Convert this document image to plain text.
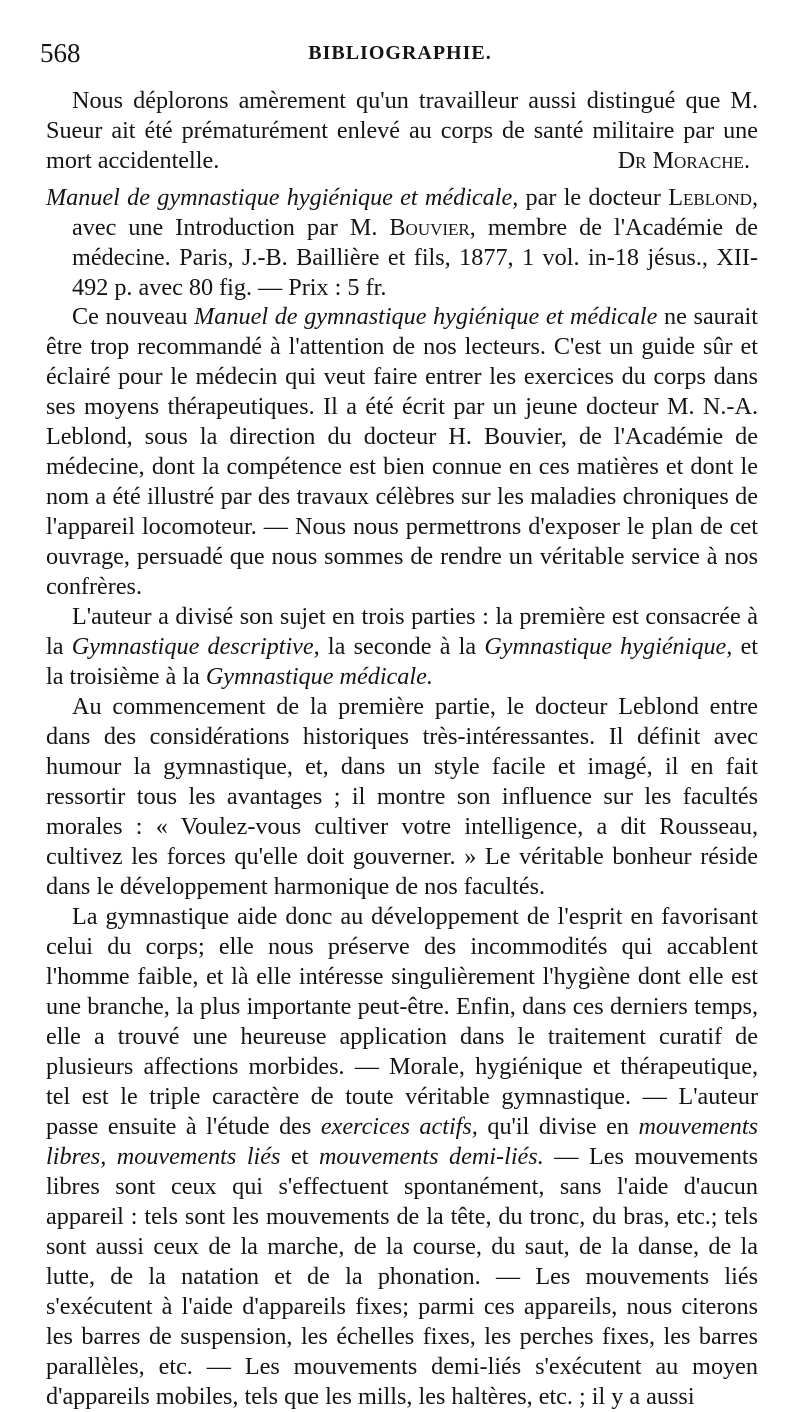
568	BIBLIOGRAPHIE.

Nous déplorons amèrement qu'un travailleur aussi distingué que M. Sueur ait été prématurément enlevé au corps de santé militaire par une mort accidentelle.	Dr Morache.

Manuel de gymnastique hygiénique et médicale, par le docteur Leblond, avec une Introduction par M. Bouvier, membre de l'Académie de médecine. Paris, J.-B. Baillière et fils, 1877, 1 vol. in-18 jésus., XII-492 p. avec 80 fig. — Prix : 5 fr.

Ce nouveau Manuel de gymnastique hygiénique et médicale ne saurait être trop recommandé à l'attention de nos lecteurs. C'est un guide sûr et éclairé pour le médecin qui veut faire entrer les exercices du corps dans ses moyens thérapeutiques. Il a été écrit par un jeune docteur M. N.-A. Leblond, sous la direction du docteur H. Bouvier, de l'Académie de médecine, dont la compétence est bien connue en ces matières et dont le nom a été illustré par des travaux célèbres sur les maladies chroniques de l'appareil locomoteur. — Nous nous permettrons d'exposer le plan de cet ouvrage, persuadé que nous sommes de rendre un véritable service à nos confrères.

L'auteur a divisé son sujet en trois parties : la première est consacrée à la Gymnastique descriptive, la seconde à la Gymnastique hygiénique, et la troisième à la Gymnastique médicale.

Au commencement de la première partie, le docteur Leblond entre dans des considérations historiques très-intéressantes. Il définit avec humour la gymnastique, et, dans un style facile et imagé, il en fait ressortir tous les avantages ; il montre son influence sur les facultés morales : « Voulez-vous cultiver votre intelligence, a dit Rousseau, cultivez les forces qu'elle doit gouverner. » Le véritable bonheur réside dans le développement harmonique de nos facultés.

La gymnastique aide donc au développement de l'esprit en favorisant celui du corps; elle nous préserve des incommodités qui accablent l'homme faible, et là elle intéresse singulièrement l'hygiène dont elle est une branche, la plus importante peut-être. Enfin, dans ces derniers temps, elle a trouvé une heureuse application dans le traitement curatif de plusieurs affections morbides. — Morale, hygiénique et thérapeutique, tel est le triple caractère de toute véritable gymnastique. — L'auteur passe ensuite à l'étude des exercices actifs, qu'il divise en mouvements libres, mouvements liés et mouvements demi-liés. — Les mouvements libres sont ceux qui s'effectuent spontanément, sans l'aide d'aucun appareil : tels sont les mouvements de la tête, du tronc, du bras, etc.; tels sont aussi ceux de la marche, de la course, du saut, de la danse, de la lutte, de la natation et de la phonation. — Les mouvements liés s'exécutent à l'aide d'appareils fixes; parmi ces appareils, nous citerons les barres de suspension, les échelles fixes, les perches fixes, les barres parallèles, etc. — Les mouvements demi-liés s'exécutent au moyen d'appareils mobiles, tels que les mills, les haltères, etc. ; il y a aussi
